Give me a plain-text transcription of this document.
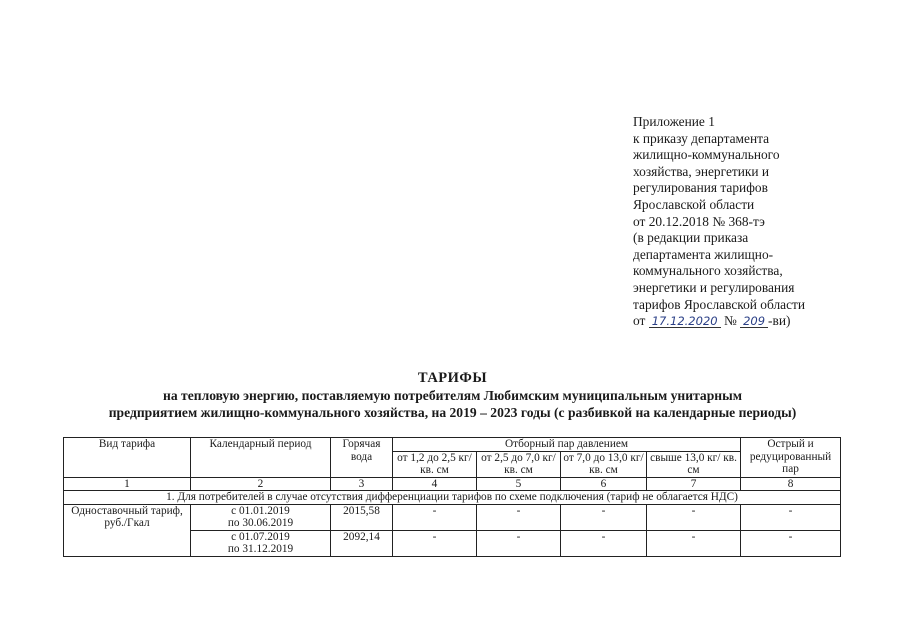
Приложение 1
к приказу департамента
жилищно-коммунального
хозяйства, энергетики и
регулирования тарифов
Ярославской области
от 20.12.2018 № 368-тэ
(в редакции приказа
департамента жилищно-
коммунального хозяйства,
энергетики и регулирования
тарифов Ярославской области
от 17.12.2020 № 209 -ви)
ТАРИФЫ
на тепловую энергию, поставляемую потребителям Любимским муниципальным унитарным
предприятием жилищно-коммунального хозяйства, на 2019 – 2023 годы (с разбивкой на календарные периоды)
Вид тарифа	Календарный период	Горячая вода	Отборный пар давлением				Острый и редуцированный пар
			от 1,2 до 2,5 кг/ кв. см	от 2,5 до 7,0 кг/ кв. см	от 7,0 до 13,0 кг/ кв. см	свыше 13,0 кг/ кв. см	
1	2	3	4	5	6	7	8
1. Для потребителей в случае отсутствия дифференциации тарифов по схеме подключения (тариф не облагается НДС)							
Одноставочный тариф, руб./Гкал	с 01.01.2019
по 30.06.2019	2015,58	-	-	-	-	-

	с 01.07.2019
по 31.12.2019	2092,14	-	-	-	-	-
